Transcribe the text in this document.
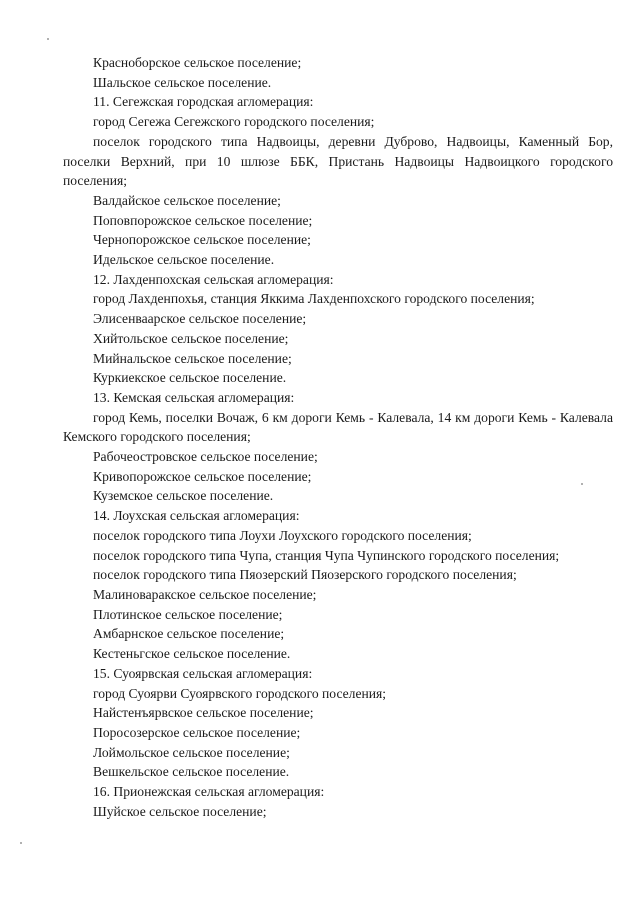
Красноборское сельское поселение;

Шальское сельское поселение.

11. Сегежская городская агломерация:

город Сегежа Сегежского городского поселения;

поселок городского типа Надвоицы, деревни Дуброво, Надвоицы, Каменный Бор, поселки Верхний, при 10 шлюзе ББК, Пристань Надвоицы Надвоицкого городского поселения;

Валдайское сельское поселение;

Поповпорожское сельское поселение;

Чернопорожское сельское поселение;

Идельское сельское поселение.

12. Лахденпохская сельская агломерация:

город Лахденпохья, станция Яккима Лахденпохского городского поселения;

Элисенваарское сельское поселение;

Хийтольское сельское поселение;

Мийнальское сельское поселение;

Куркиекское сельское поселение.

13. Кемская сельская агломерация:

город Кемь, поселки Вочаж, 6 км дороги Кемь - Калевала, 14 км дороги Кемь - Калевала Кемского городского поселения;

Рабочеостровское сельское поселение;

Кривопорожское сельское поселение;

Куземское сельское поселение.

14. Лоухская сельская агломерация:

поселок городского типа Лоухи Лоухского городского поселения;

поселок городского типа Чупа, станция Чупа Чупинского городского поселения;

поселок городского типа Пяозерский Пяозерского городского поселения;

Малиноваракское сельское поселение;

Плотинское сельское поселение;

Амбарнское сельское поселение;

Кестеньгское сельское поселение.

15. Суоярвская сельская агломерация:

город Суоярви Суоярвского городского поселения;

Найстенъярвское сельское поселение;

Поросозерское сельское поселение;

Лоймольское сельское поселение;

Вешкельское сельское поселение.

16. Прионежская сельская агломерация:

Шуйское сельское поселение;
